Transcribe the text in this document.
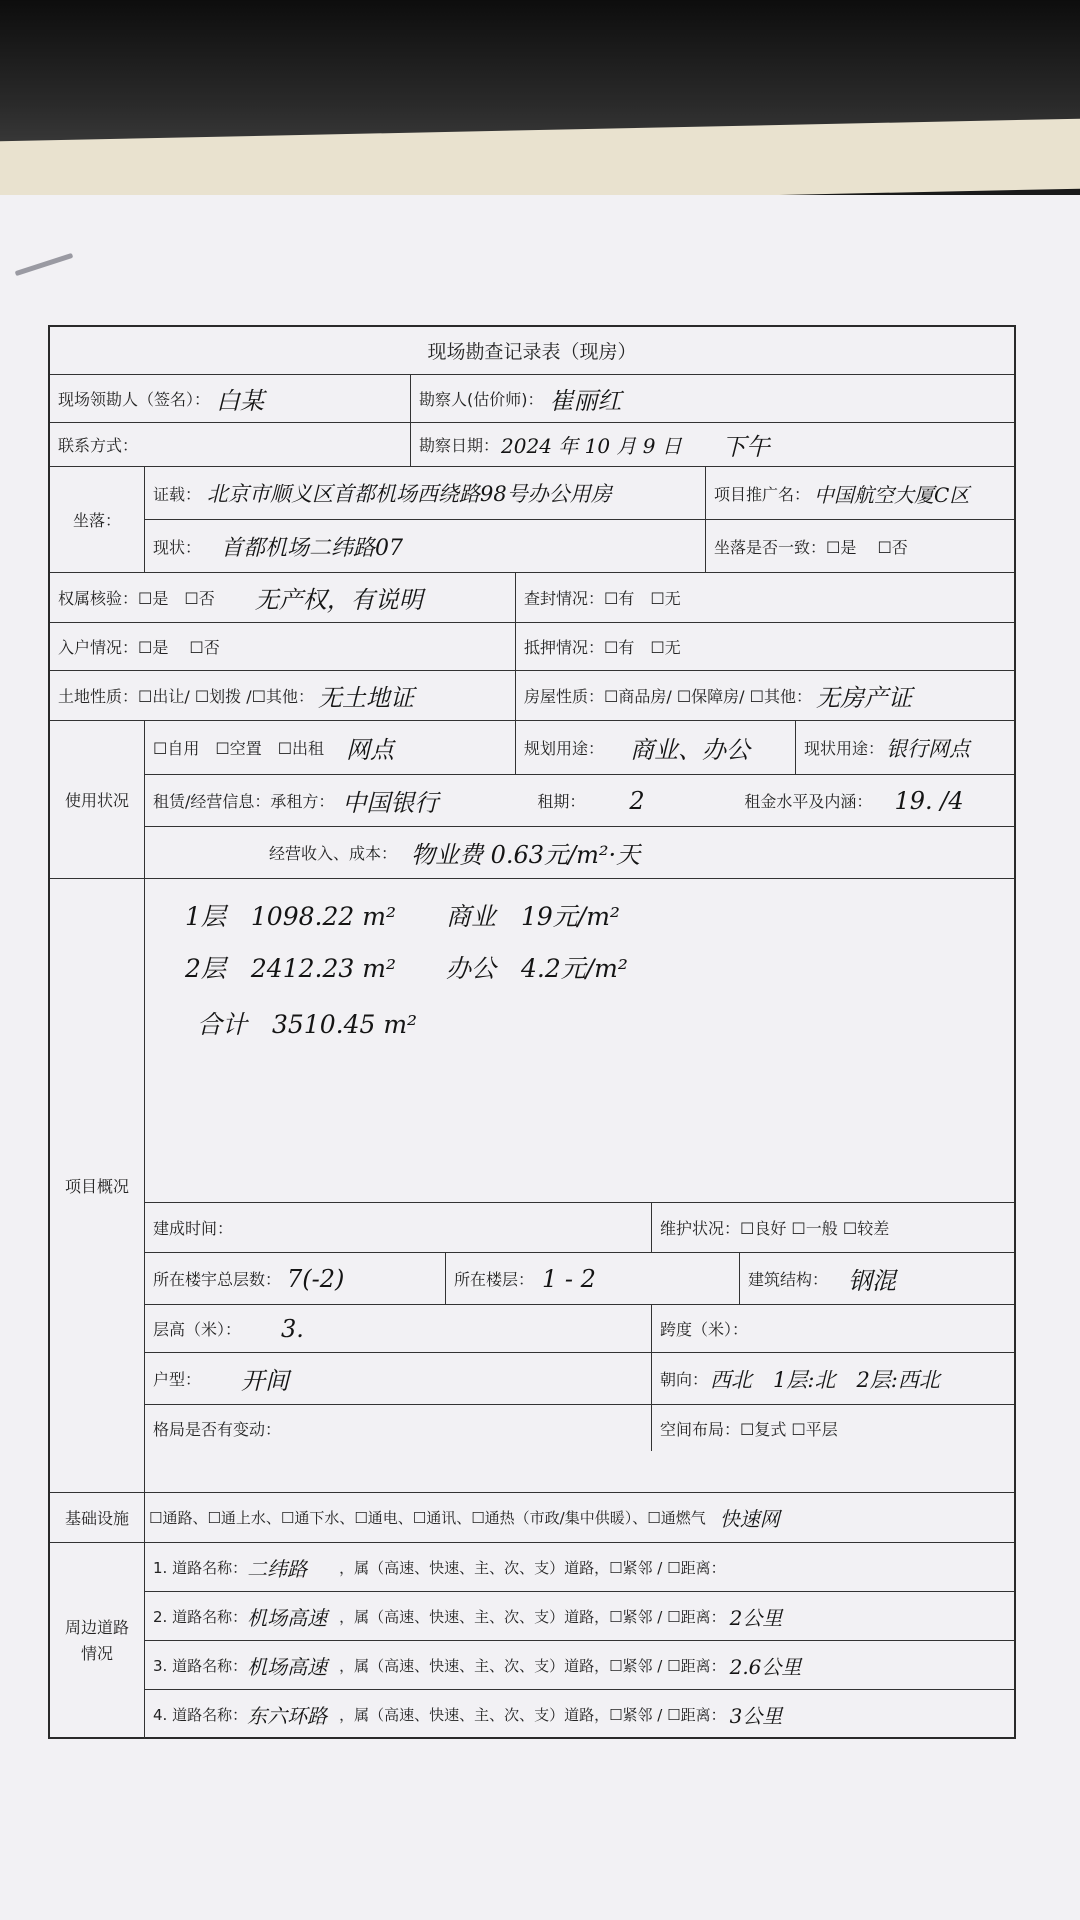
现场勘查记录表（现房）
现场领勘人（签名）： 白某	勘察人(估价师)： 崔丽红
联系方式：	勘察日期： 2024 年 10 月 9 日 下午
坐落：
证载： 北京市顺义区首都机场西绕路98号办公用房	项目推广名： 中国航空大厦C区
现状： 首都机场二纬路07	坐落是否一致： ☐是　 ☐否
权属核验：☐是　☐否 无产权，有说明	查封情况：☐有　☐无
入户情况：☐是　 ☐否	抵押情况：☐有　☐无
土地性质：☐出让/ ☐划拨 /☐其他： 无土地证	房屋性质：☐商品房/ ☐保障房/ ☐其他： 无房产证
使用状况
☐自用　☐空置　☐出租 网点	规划用途： 商业、办公	现状用途： 银行网点
租赁/经营信息：承租方： 中国银行	租期： 2	租金水平及内涵： 19. /4
经营收入、成本： 物业费 0.63元/m²·天
项目概况
1层　1098.22 m²　　商业　19元/m²
2层　2412.23 m²　　办公　4.2元/m²
合计　3510.45 m²
建成时间：	维护状况：☐良好 ☐一般 ☐较差
所在楼宇总层数： 7(-2)	所在楼层： 1 - 2	建筑结构： 钢混
层高（米）： 3.	跨度（米）：
户型： 开间	朝向： 西北　1层:北　2层:西北
格局是否有变动：	空间布局：☐复式 ☐平层
基础设施	☐通路、☐通上水、☐通下水、☐通电、☐通讯、☐通热（市政/集中供暖）、☐通燃气 快速网
周边道路情况
1. 道路名称： 二纬路	，属（高速、快速、主、次、支）道路，☐紧邻 / ☐距离：
2. 道路名称： 机场高速 ，属（高速、快速、主、次、支）道路，☐紧邻 / ☐距离： 2公里
3. 道路名称： 机场高速 ，属（高速、快速、主、次、支）道路，☐紧邻 / ☐距离： 2.6公里
4. 道路名称： 东六环路 ，属（高速、快速、主、次、支）道路，☐紧邻 / ☐距离： 3公里
